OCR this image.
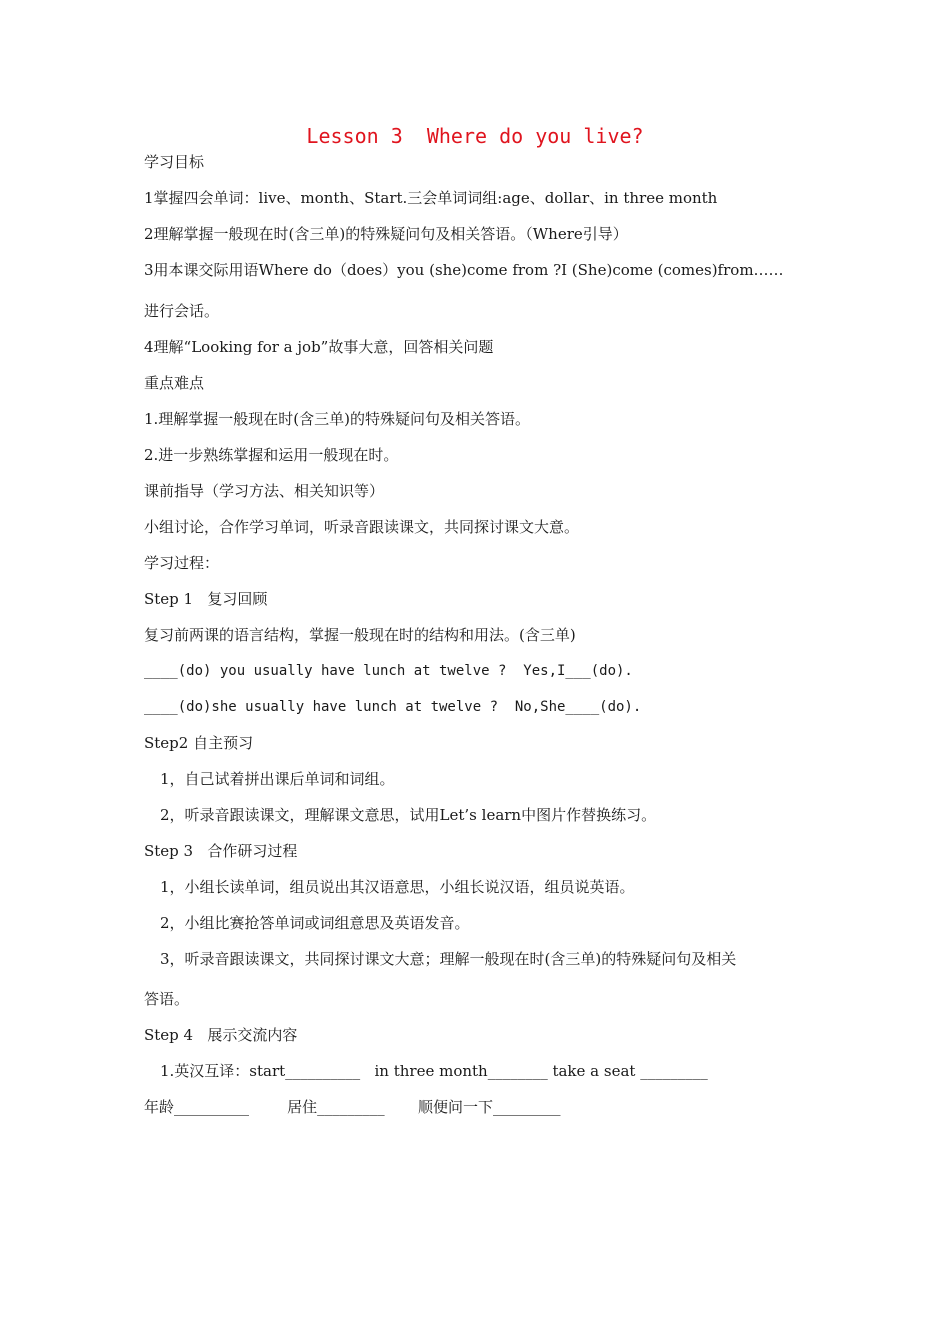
Lesson 3  Where do you live?
学习目标
1掌握四会单词：live、month、Start.三会单词词组:age、dollar、in three month
2理解掌握一般现在时(含三单)的特殊疑问句及相关答语。（Where引导）
3用本课交际用语Where do（does）you (she)come from ?I (She)come (comes)from……
进行会话。
4理解“Looking for a job”故事大意，回答相关问题
重点难点
1.理解掌握一般现在时(含三单)的特殊疑问句及相关答语。
2.进一步熟练掌握和运用一般现在时。
课前指导（学习方法、相关知识等）
小组讨论，合作学习单词，听录音跟读课文，共同探讨课文大意。
学习过程：
Step 1   复习回顾
复习前两课的语言结构，掌握一般现在时的结构和用法。(含三单)
____(do) you usually have lunch at twelve ?  Yes,I___(do).
____(do)she usually have lunch at twelve ?  No,She____(do).
Step2 自主预习
1，自己试着拼出课后单词和词组。
2，听录音跟读课文，理解课文意思，试用Let’s learn中图片作替换练习。
Step 3   合作研习过程
1，小组长读单词，组员说出其汉语意思，小组长说汉语，组员说英语。
2，小组比赛抢答单词或词组意思及英语发音。
3，听录音跟读课文，共同探讨课文大意；理解一般现在时(含三单)的特殊疑问句及相关
答语。
Step 4   展示交流内容
1.英汉互译：start__________   in three month________ take a seat _________
年龄__________        居住_________       顺便问一下_________
